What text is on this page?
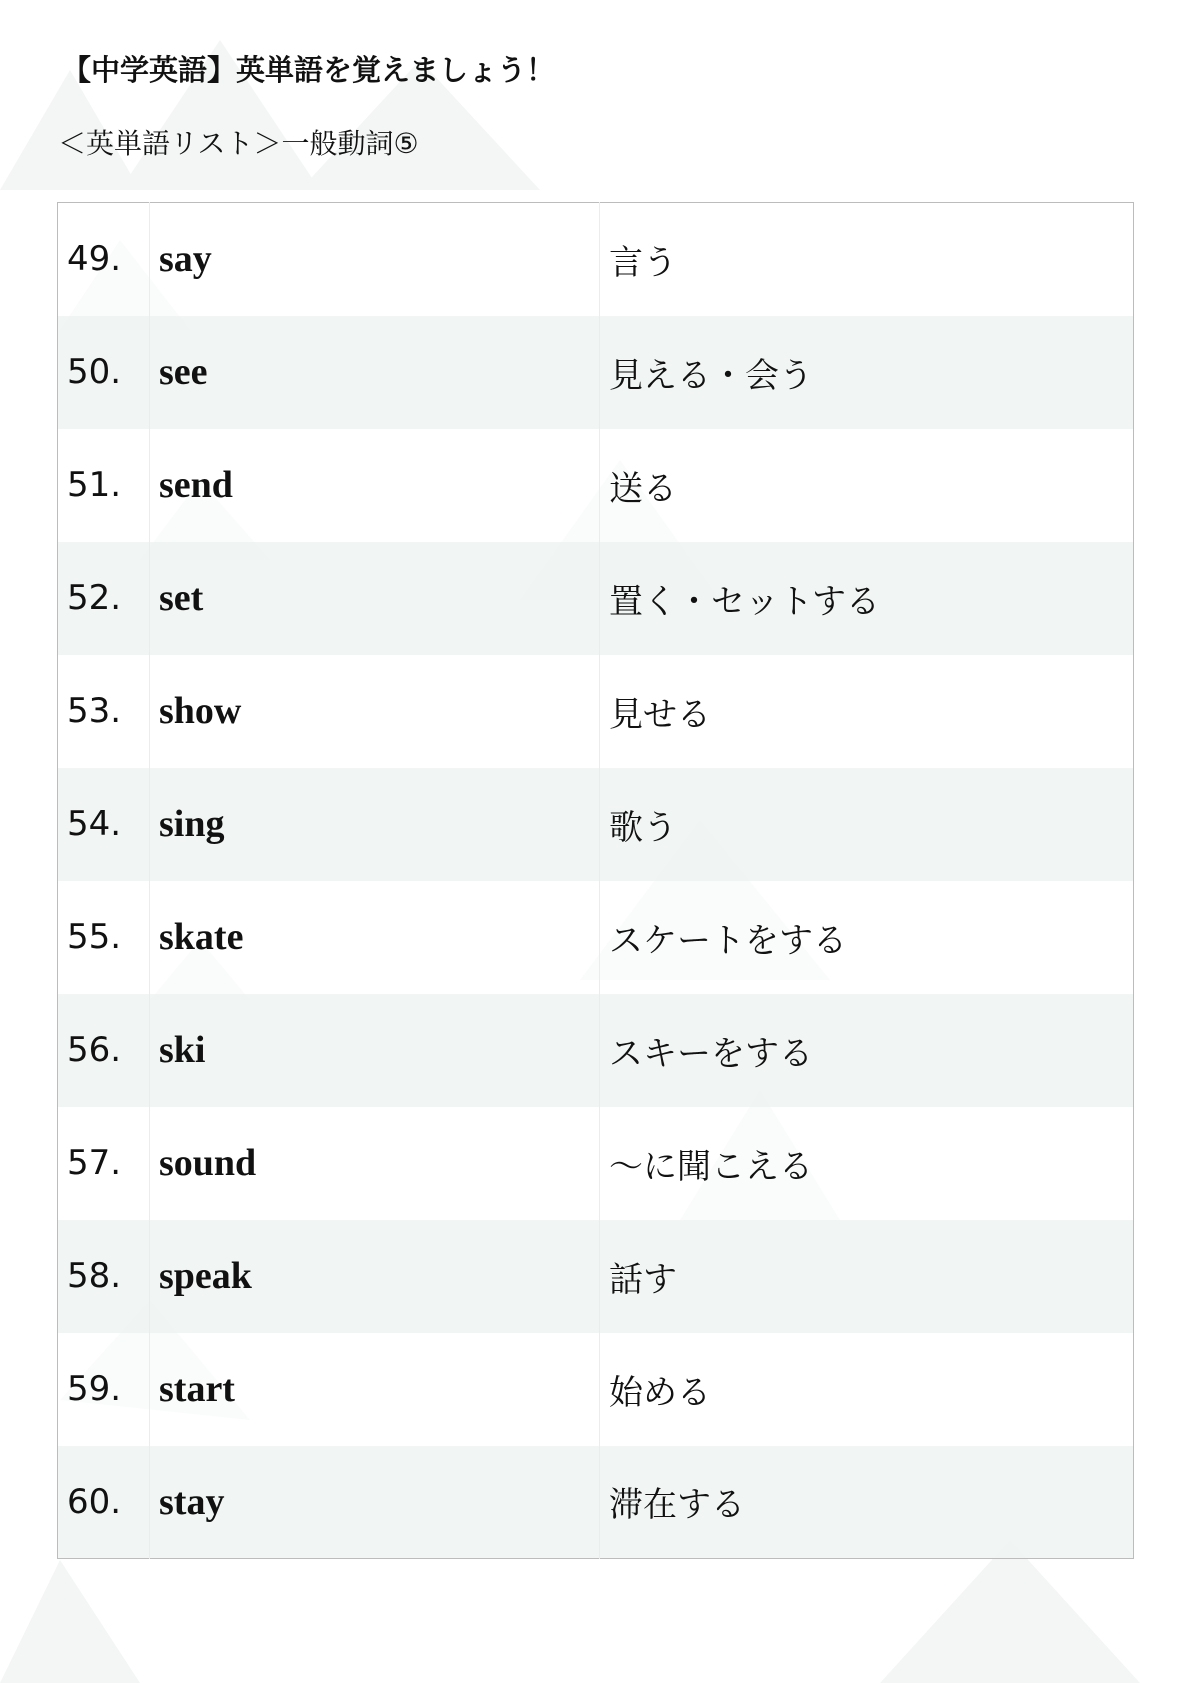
【中学英語】英単語を覚えましょう！
＜英単語リスト＞一般動詞⑤
49.	say	言う
50.	see	見える・会う
51.	send	送る
52.	set	置く・セットする
53.	show	見せる
54.	sing	歌う
55.	skate	スケートをする
56.	ski	スキーをする
57.	sound	～に聞こえる
58.	speak	話す
59.	start	始める
60.	stay	滞在する
